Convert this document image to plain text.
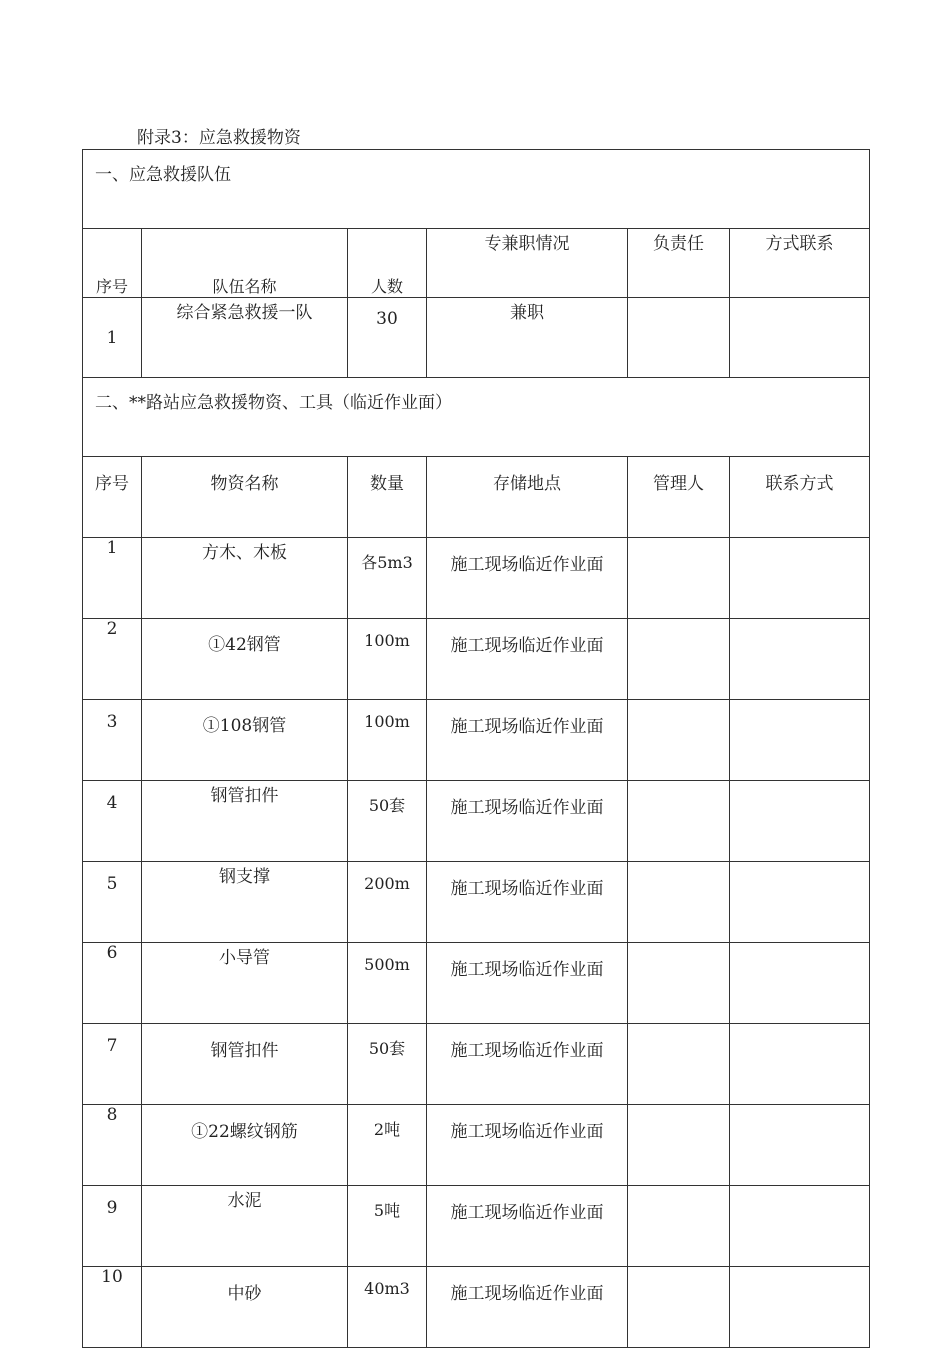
附录3：应急救援物资
一、应急救援队伍					
序号	队伍名称	人数	专兼职情况	负责任	方式联系
1	综合紧急救援一队	30	兼职		
二、**路站应急救援物资、工具（临近作业面）					
序号	物资名称	数量	存储地点	管理人	联系方式
1	方木、木板	各5m3	施工现场临近作业面		
2	①42钢管	100m	施工现场临近作业面		
3	①108钢管	100m	施工现场临近作业面		
4	钢管扣件	50套	施工现场临近作业面		
5	钢支撑	200m	施工现场临近作业面		
6	小导管	500m	施工现场临近作业面		
7	钢管扣件	50套	施工现场临近作业面		
8	①22螺纹钢筋	2吨	施工现场临近作业面		
9	水泥	5吨	施工现场临近作业面		
10	中砂	40m3	施工现场临近作业面		
